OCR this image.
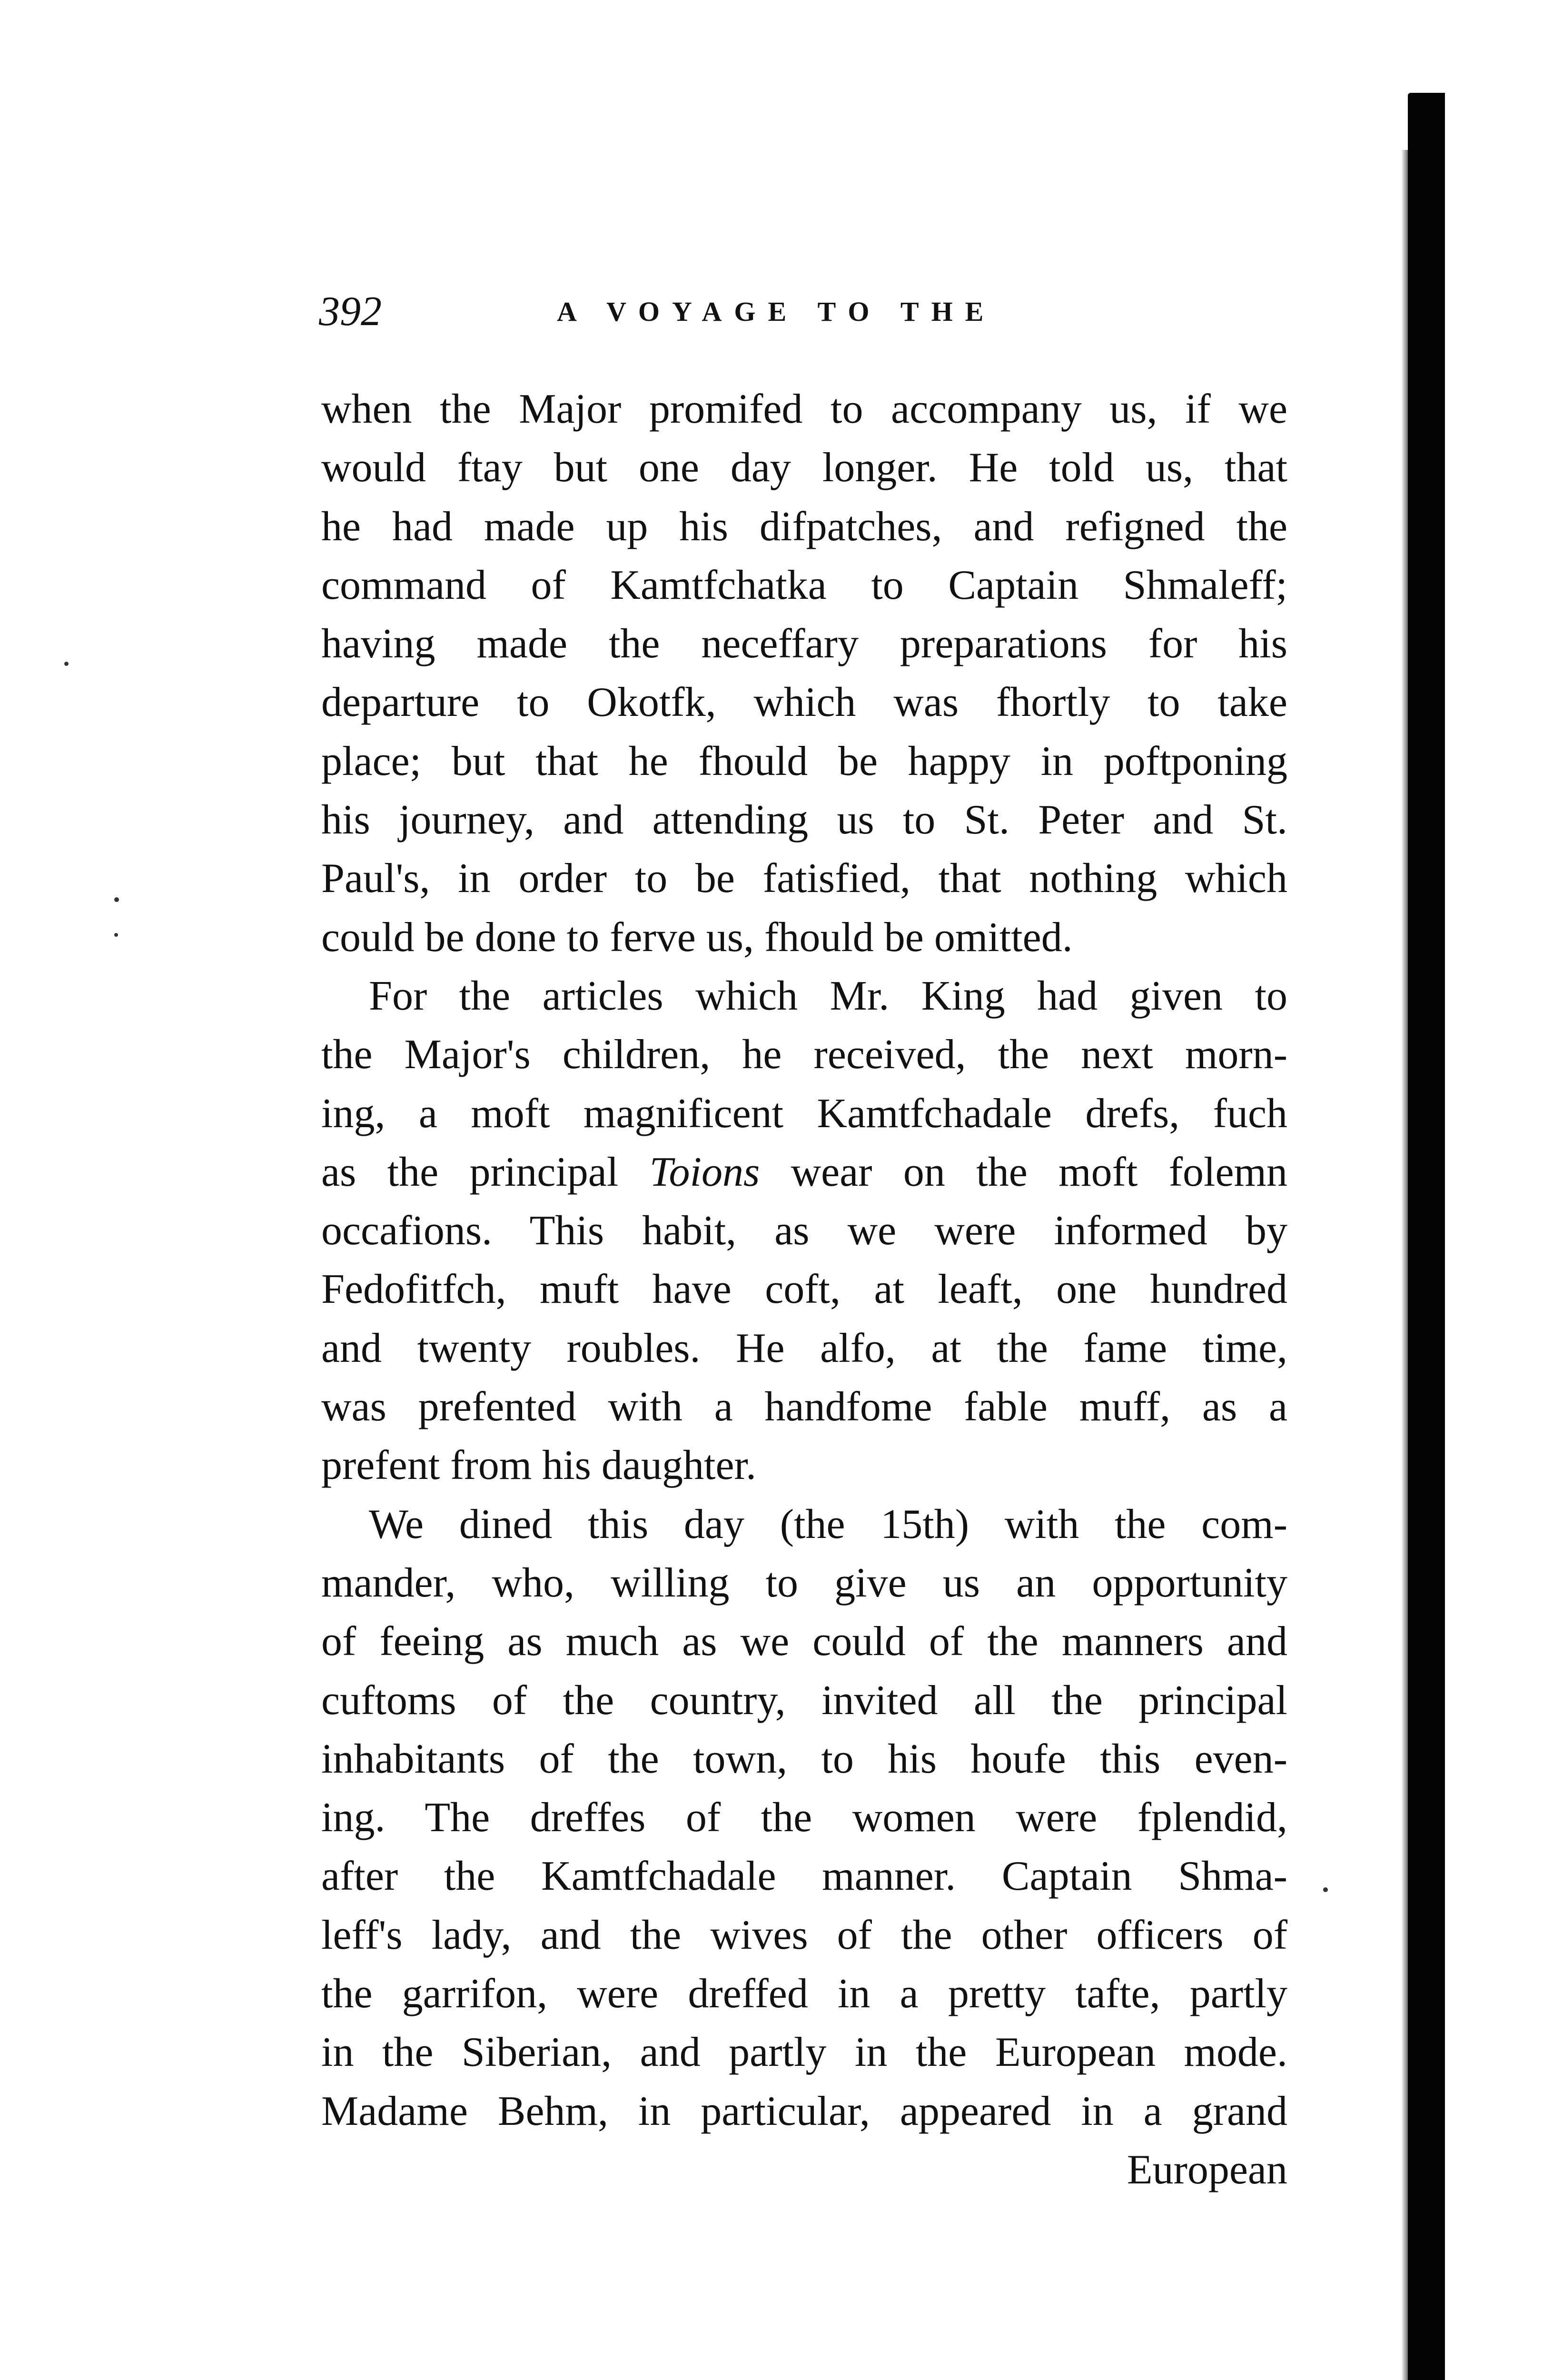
392	A VOYAGE TO THE
when the Major promifed to accompany us, if we
would ftay but one day longer. He told us, that
he had made up his difpatches, and refigned the
command of Kamtfchatka to Captain Shmaleff;
having made the neceffary preparations for his
departure to Okotfk, which was fhortly to take
place; but that he fhould be happy in poftponing
his journey, and attending us to St. Peter and St.
Paul's, in order to be fatisfied, that nothing which
could be done to ferve us, fhould be omitted.
For the articles which Mr. King had given to
the Major's children, he received, the next morn-
ing, a moft magnificent Kamtfchadale drefs, fuch
as the principal Toions wear on the moft folemn
occafions. This habit, as we were informed by
Fedofitfch, muft have coft, at leaft, one hundred
and twenty roubles. He alfo, at the fame time,
was prefented with a handfome fable muff, as a
prefent from his daughter.
We dined this day (the 15th) with the com-
mander, who, willing to give us an opportunity
of feeing as much as we could of the manners and
cuftoms of the country, invited all the principal
inhabitants of the town, to his houfe this even-
ing. The dreffes of the women were fplendid,
after the Kamtfchadale manner. Captain Shma-
leff's lady, and the wives of the other officers of
the garrifon, were dreffed in a pretty tafte, partly
in the Siberian, and partly in the European mode.
Madame Behm, in particular, appeared in a grand
European
